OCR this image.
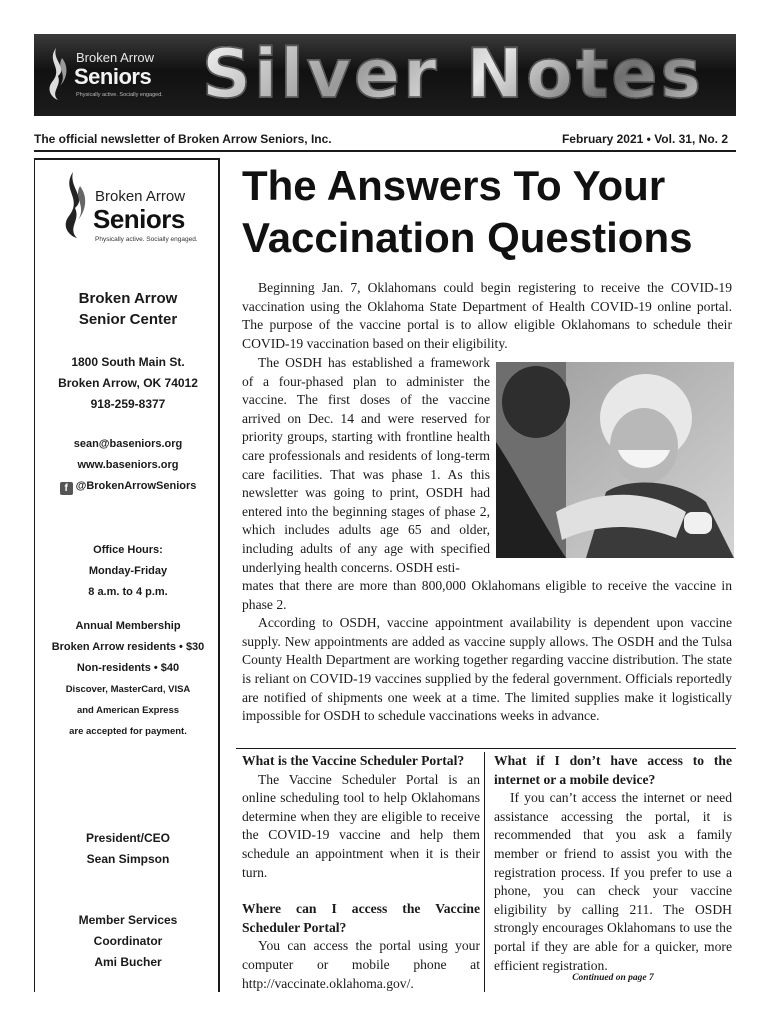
Broken Arrow
Seniors
Physically active. Socially engaged. Silver Notes
The official newsletter of Broken Arrow Seniors, Inc.	February 2021 • Vol. 31, No. 2
Broken Arrow
Seniors
Physically active. Socially engaged.
Broken Arrow
Senior Center
1800 South Main St.
Broken Arrow, OK 74012
918-259-8377
sean@baseniors.org
www.baseniors.org
f @BrokenArrowSeniors
Office Hours:
Monday-Friday
8 a.m. to 4 p.m.
Annual Membership
Broken Arrow residents • $30
Non-residents • $40
Discover, MasterCard, VISA
and American Express
are accepted for payment.
President/CEO
Sean Simpson
Member Services
Coordinator
Ami Bucher
The Answers To Your Vaccination Questions
Beginning Jan. 7, Oklahomans could begin registering to receive the COVID-19 vaccination using the Oklahoma State Department of Health COVID-19 online portal. The purpose of the vaccine portal is to allow eligible Oklahomans to schedule their COVID-19 vaccination based on their eligibility.
The OSDH has established a framework of a four-phased plan to administer the vaccine. The first doses of the vaccine arrived on Dec. 14 and were reserved for priority groups, starting with frontline health care professionals and residents of long-term care facilities. That was phase 1. As this newsletter was going to print, OSDH had entered into the beginning stages of phase 2, which includes adults age 65 and older, including adults of any age with specified underlying health concerns. OSDH esti-
mates that there are more than 800,000 Oklahomans eligible to receive the vaccine in phase 2.
According to OSDH, vaccine appointment availability is dependent upon vaccine supply. New appointments are added as vaccine supply allows. The OSDH and the Tulsa County Health Department are working together regarding vaccine distribution. The state is reliant on COVID-19 vaccines supplied by the federal government. Officials reportedly are notified of shipments one week at a time. The limited supplies make it logistically impossible for OSDH to schedule vaccinations weeks in advance.
What is the Vaccine Scheduler Portal?
The Vaccine Scheduler Portal is an online scheduling tool to help Oklahomans determine when they are eligible to receive the COVID-19 vaccine and help them schedule an appointment when it is their turn.
Where can I access the Vaccine Scheduler Portal?
You can access the portal using your computer or mobile phone at http://vaccinate.oklahoma.gov/.
What if I don’t have access to the internet or a mobile device?
If you can’t access the internet or need assistance accessing the portal, it is recommended that you ask a family member or friend to assist you with the registration process. If you prefer to use a phone, you can check your vaccine eligibility by calling 211. The OSDH strongly encourages Oklahomans to use the portal if they are able for a quicker, more efficient registration.
Continued on page 7
